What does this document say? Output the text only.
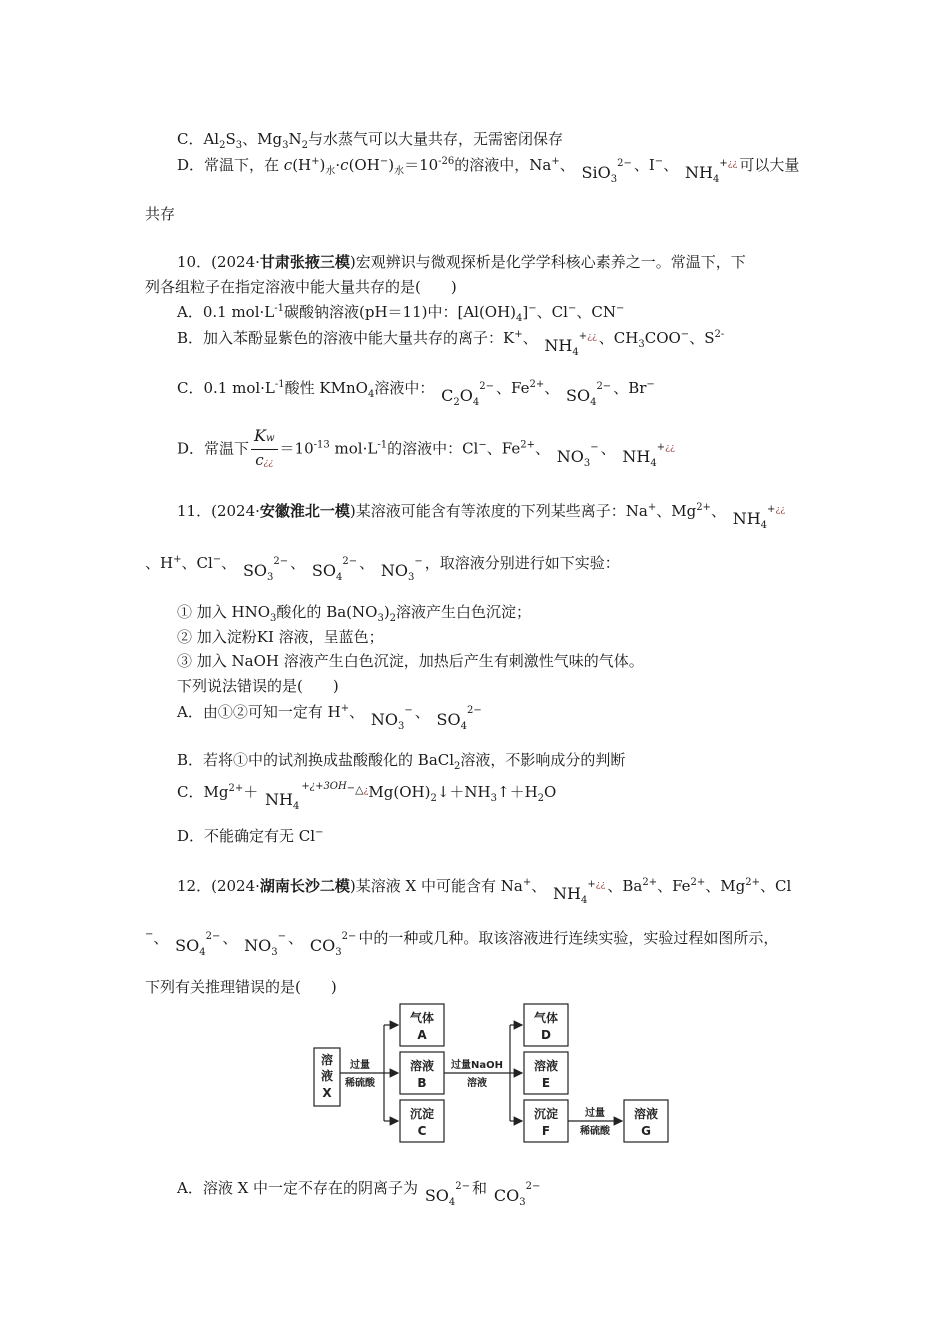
C．$Al_2S_3$、$Mg_3N_2$与水蒸气可以大量共存，无需密闭保存
D．常温下，在 $c(H^+)_水\cdot c(OH^-)_水=10^{-26}$的溶液中，Na+、 SiO$_3^{2-}$ 、I−、 $NH_4^{+¿¿}$ 可以大量
共存
10．(2024·甘肃张掖三模)宏观辨识与微观探析是化学学科核心素养之一。常温下，下
列各组粒子在指定溶液中能大量共存的是(　　)
A．0.1 $mol\cdot L^{-1}$碳酸钠溶液(pH＝11)中：$[Al(OH)_4]^-$、Cl−、CN−
B．加入苯酚显紫色的溶液中能大量共存的离子：K+、 $NH_4^{+¿¿}$ 、$CH_3COO^-$、$S^{2-}$
C．0.1 $mol\cdot L^{-1}$酸性 KMnO$_4$溶液中： $C_2O_4^{2-}$ 、$Fe^{2+}$、 $SO_4^{2-}$ 、Br−
D．常温下 $\frac{Kw}{c¿¿} =10^{-13}$ $mol\cdot L^{-1}$的溶液中：Cl−、$Fe^{2+}$、 $NO_3^-$ 、 $NH_4^{+¿¿}$
11．(2024·安徽淮北一模)某溶液可能含有等浓度的下列某些离子：Na+、$Mg^{2+}$、 $NH_4^{+¿¿}$
、H+、Cl−、 $SO_3^{2-}$ 、 $SO_4^{2-}$ 、 $NO_3^-$ ，取溶液分别进行如下实验：
① 加入 $HNO_3$酸化的 $Ba(NO_3)_2$溶液产生白色沉淀；
② 加入淀粉KI 溶液，呈蓝色；
③ 加入 NaOH 溶液产生白色沉淀，加热后产生有刺激性气味的气体。
下列说法错误的是(　　)
A．由①②可知一定有 H+、 $NO_3^-$ 、 $SO_4^{2-}$
B．若将①中的试剂换成盐酸酸化的 BaCl$_2$溶液，不影响成分的判断
C．$Mg^{2+}+$ $NH_4^{+¿+3OH-\triangle¿}Mg(OH)_2↓+NH_3↑+H_2O$
D．不能确定有无 Cl−
12．(2024·湖南长沙二模)某溶液 X 中可能含有 Na+、 $NH_4^{+¿¿}$ 、$Ba^{2+}$、$Fe^{2+}$、$Mg^{2+}$、Cl
−、 $SO_4^{2-}$ 、 $NO_3^-$ 、 $CO_3^{2-}$ 中的一种或几种。取该溶液进行连续实验，实验过程如图所示，
下列有关推理错误的是(　　)
溶
液
X
过量
稀硫酸
气体
A
溶液
B
沉淀
C
过量NaOH
溶液
气体
D
溶液
E
沉淀
F
过量
稀硫酸
溶液
G
A．溶液 X 中一定不存在的阴离子为 $SO_4^{2-}$ 和 $CO_3^{2-}$
